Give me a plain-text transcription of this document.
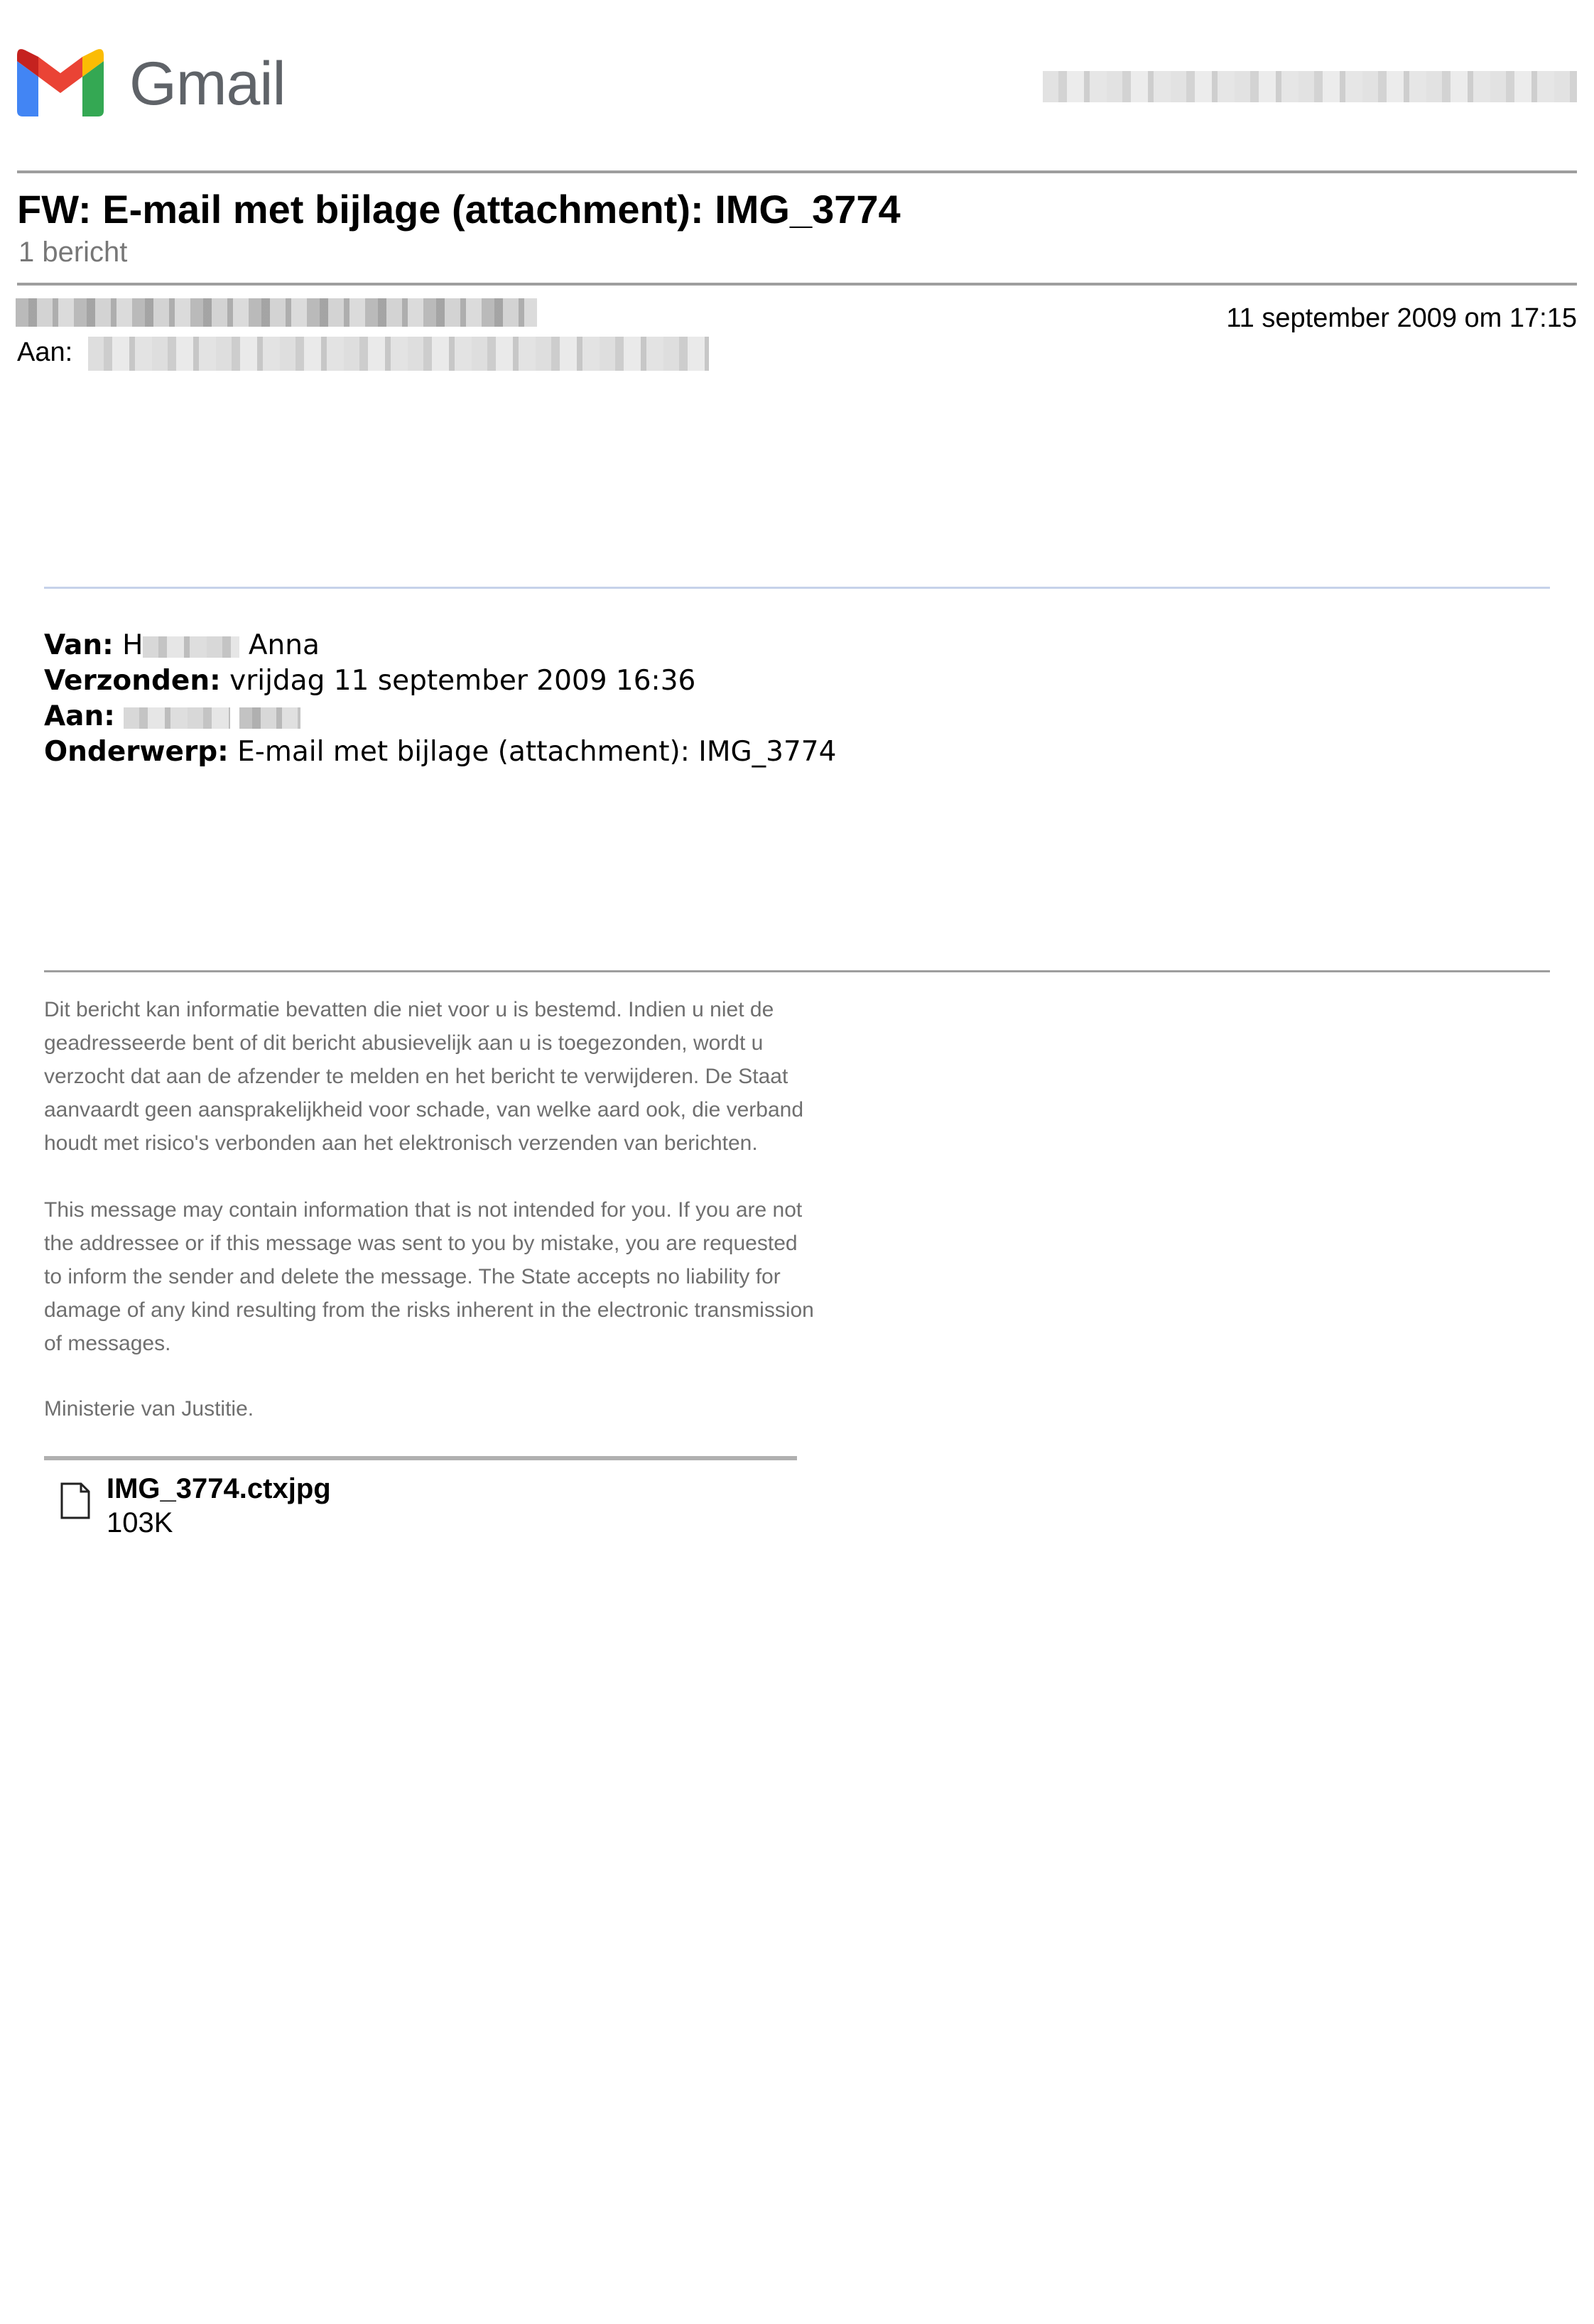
Gmail
FW: E-mail met bijlage (attachment): IMG_3774
1 bericht
11 september 2009 om 17:15
Aan:
Van: H	Anna
Verzonden: vrijdag 11 september 2009 16:36
Aan:
Onderwerp: E-mail met bijlage (attachment): IMG_3774
Dit bericht kan informatie bevatten die niet voor u is bestemd. Indien u niet de
geadresseerde bent of dit bericht abusievelijk aan u is toegezonden, wordt u
verzocht dat aan de afzender te melden en het bericht te verwijderen. De Staat
aanvaardt geen aansprakelijkheid voor schade, van welke aard ook, die verband
houdt met risico's verbonden aan het elektronisch verzenden van berichten.
This message may contain information that is not intended for you. If you are not
the addressee or if this message was sent to you by mistake, you are requested
to inform the sender and delete the message. The State accepts no liability for
damage of any kind resulting from the risks inherent in the electronic transmission
of messages.
Ministerie van Justitie.
IMG_3774.ctxjpg
103K
